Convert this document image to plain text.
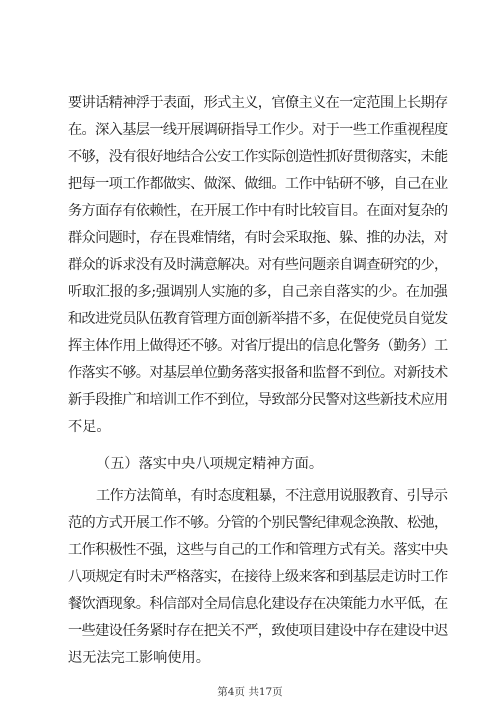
要讲话精神浮于表面，形式主义，官僚主义在一定范围上长期存
在。深入基层一线开展调研指导工作少。对于一些工作重视程度
不够，没有很好地结合公安工作实际创造性抓好贯彻落实，未能
把每一项工作都做实、做深、做细。工作中钻研不够，自己在业
务方面存有依赖性，在开展工作中有时比较盲目。在面对复杂的
群众问题时，存在畏难情绪，有时会采取拖、躲、推的办法，对
群众的诉求没有及时满意解决。对有些问题亲自调查研究的少，
听取汇报的多;强调别人实施的多，自己亲自落实的少。在加强
和改进党员队伍教育管理方面创新举措不多，在促使党员自觉发
挥主体作用上做得还不够。对省厅提出的信息化警务（勤务）工
作落实不够。对基层单位勤务落实报备和监督不到位。对新技术
新手段推广和培训工作不到位，导致部分民警对这些新技术应用
不足。
（五）落实中央八项规定精神方面。
工作方法简单，有时态度粗暴，不注意用说服教育、引导示
范的方式开展工作不够。分管的个别民警纪律观念涣散、松弛，
工作积极性不强，这些与自己的工作和管理方式有关。落实中央
八项规定有时未严格落实，在接待上级来客和到基层走访时工作
餐饮酒现象。科信部对全局信息化建设存在决策能力水平低，在
一些建设任务紧时存在把关不严，致使项目建设中存在建设中迟
迟无法完工影响使用。
第4页 共17页
